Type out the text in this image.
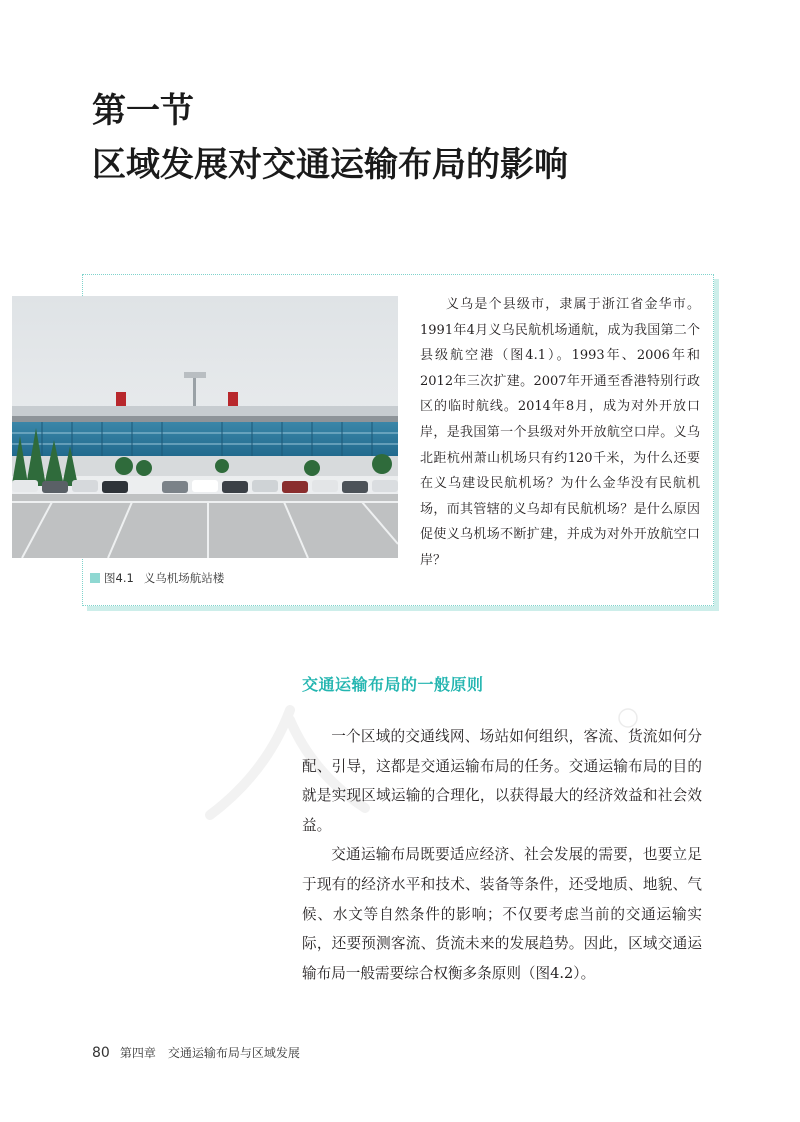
第一节
区域发展对交通运输布局的影响
图4.1 义乌机场航站楼

义乌是个县级市，隶属于浙江省金华市。1991年4月义乌民航机场通航，成为我国第二个县级航空港（图4.1）。1993年、2006年和2012年三次扩建。2007年开通至香港特别行政区的临时航线。2014年8月，成为对外开放口岸，是我国第一个县级对外开放航空口岸。义乌北距杭州萧山机场只有约120千米，为什么还要在义乌建设民航机场？为什么金华没有民航机场，而其管辖的义乌却有民航机场？是什么原因促使义乌机场不断扩建，并成为对外开放航空口岸？

交通运输布局的一般原则

一个区域的交通线网、场站如何组织，客流、货流如何分配、引导，这都是交通运输布局的任务。交通运输布局的目的就是实现区域运输的合理化，以获得最大的经济效益和社会效益。

交通运输布局既要适应经济、社会发展的需要，也要立足于现有的经济水平和技术、装备等条件，还受地质、地貌、气候、水文等自然条件的影响；不仅要考虑当前的交通运输实际，还要预测客流、货流未来的发展趋势。因此，区域交通运输布局一般需要综合权衡多条原则（图4.2）。

80 第四章　交通运输布局与区域发展
